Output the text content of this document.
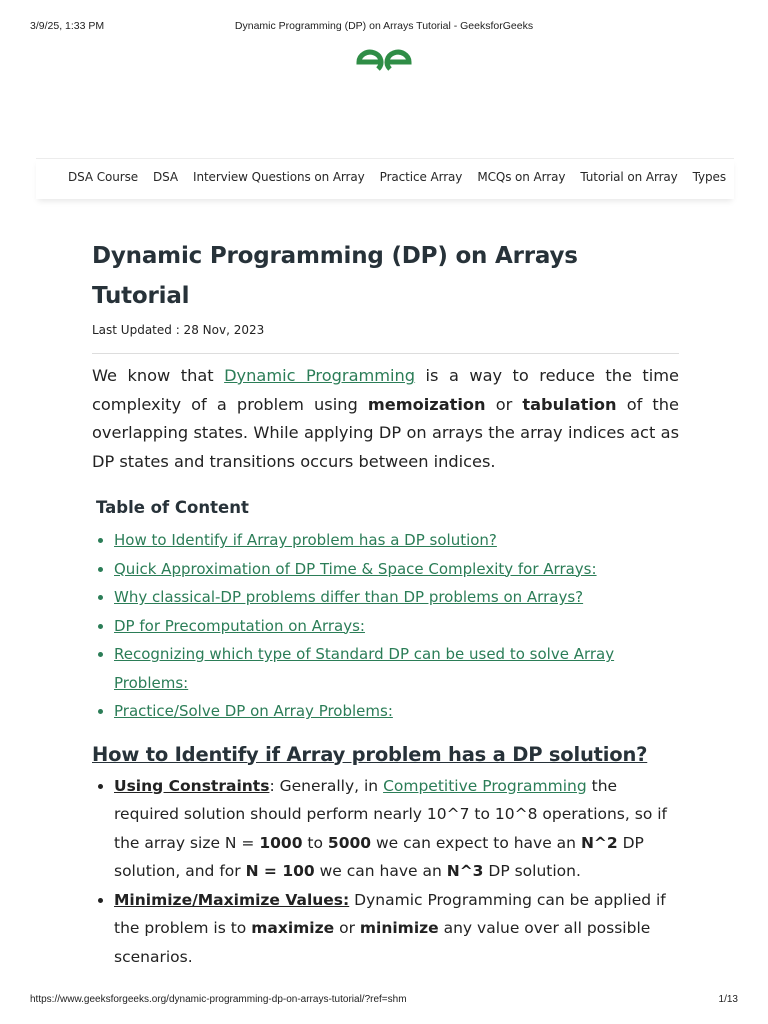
3/9/25, 1:33 PM	Dynamic Programming (DP) on Arrays Tutorial - GeeksforGeeks
DSA Course DSA Interview Questions on Array Practice Array MCQs on Array Tutorial on Array Types
Dynamic Programming (DP) on Arrays Tutorial
Last Updated : 28 Nov, 2023

We know that Dynamic Programming is a way to reduce the time complexity of a problem using memoization or tabulation of the overlapping states. While applying DP on arrays the array indices act as DP states and transitions occurs between indices.

Table of Content
• How to Identify if Array problem has a DP solution?
• Quick Approximation of DP Time & Space Complexity for Arrays:
• Why classical-DP problems differ than DP problems on Arrays?
• DP for Precomputation on Arrays:
• Recognizing which type of Standard DP can be used to solve Array Problems:
• Practice/Solve DP on Array Problems:
How to Identify if Array problem has a DP solution?
• Using Constraints: Generally, in Competitive Programming the required solution should perform nearly 10^7 to 10^8 operations, so if the array size N = 1000 to 5000 we can expect to have an N^2 DP solution, and for N = 100 we can have an N^3 DP solution.
• Minimize/Maximize Values: Dynamic Programming can be applied if the problem is to maximize or minimize any value over all possible scenarios.
https://www.geeksforgeeks.org/dynamic-programming-dp-on-arrays-tutorial/?ref=shm	1/13
